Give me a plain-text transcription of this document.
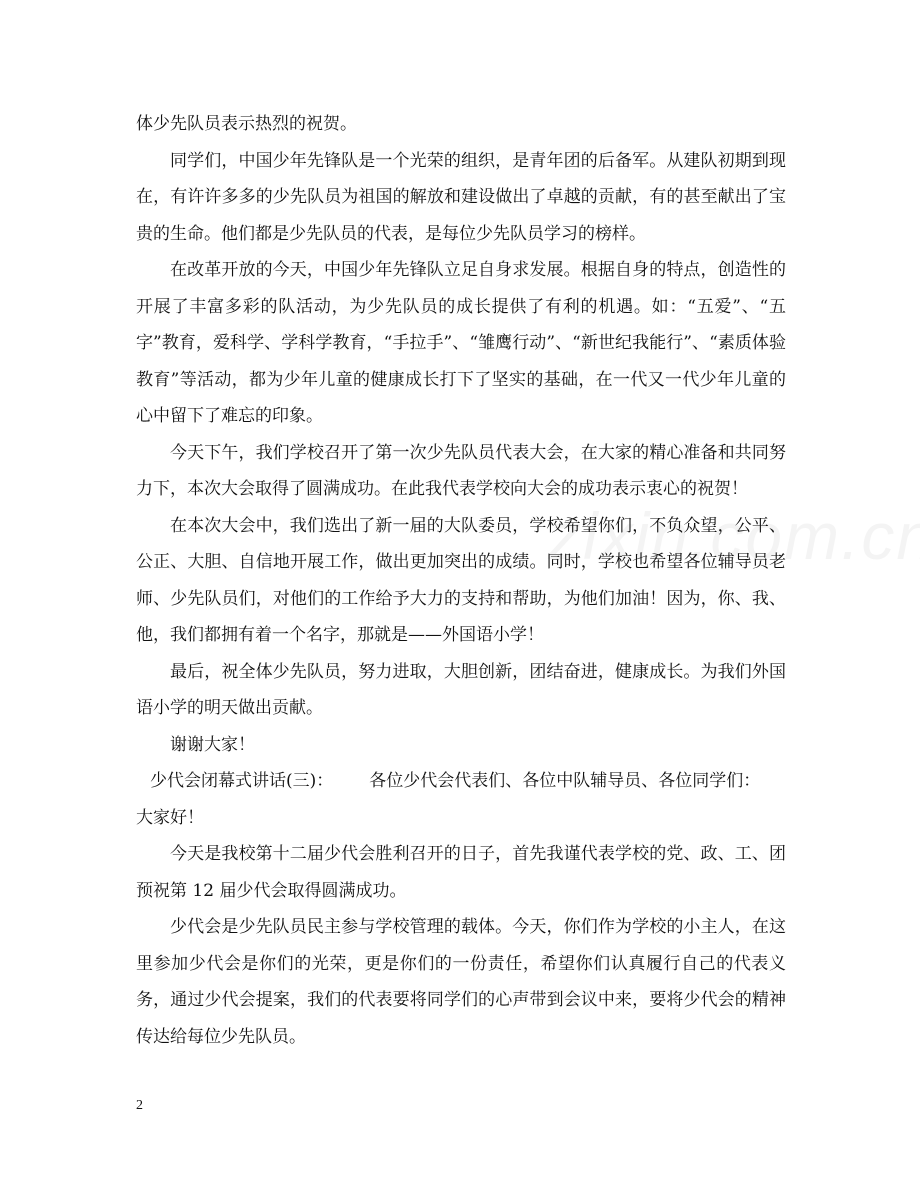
体少先队员表示热烈的祝贺。

同学们，中国少年先锋队是一个光荣的组织，是青年团的后备军。从建队初期到现在，有许许多多的少先队员为祖国的解放和建设做出了卓越的贡献，有的甚至献出了宝贵的生命。他们都是少先队员的代表，是每位少先队员学习的榜样。

在改革开放的今天，中国少年先锋队立足自身求发展。根据自身的特点，创造性的开展了丰富多彩的队活动，为少先队员的成长提供了有利的机遇。如：“五爱”、“五字”教育，爱科学、学科学教育，“手拉手”、“雏鹰行动”、“新世纪我能行”、“素质体验教育”等活动，都为少年儿童的健康成长打下了坚实的基础，在一代又一代少年儿童的心中留下了难忘的印象。

今天下午，我们学校召开了第一次少先队员代表大会，在大家的精心准备和共同努力下，本次大会取得了圆满成功。在此我代表学校向大会的成功表示衷心的祝贺！

在本次大会中，我们选出了新一届的大队委员，学校希望你们，不负众望，公平、公正、大胆、自信地开展工作，做出更加突出的成绩。同时，学校也希望各位辅导员老师、少先队员们，对他们的工作给予大力的支持和帮助，为他们加油！因为，你、我、他，我们都拥有着一个名字，那就是——外国语小学！

最后，祝全体少先队员，努力进取，大胆创新，团结奋进，健康成长。为我们外国语小学的明天做出贡献。

谢谢大家！

少代会闭幕式讲话(三)： 各位少代会代表们、各位中队辅导员、各位同学们：

大家好！

今天是我校第十二届少代会胜利召开的日子，首先我谨代表学校的党、政、工、团预祝第 12 届少代会取得圆满成功。

少代会是少先队员民主参与学校管理的载体。今天，你们作为学校的小主人，在这里参加少代会是你们的光荣，更是你们的一份责任，希望你们认真履行自己的代表义务，通过少代会提案，我们的代表要将同学们的心声带到会议中来，要将少代会的精神传达给每位少先队员。

2
